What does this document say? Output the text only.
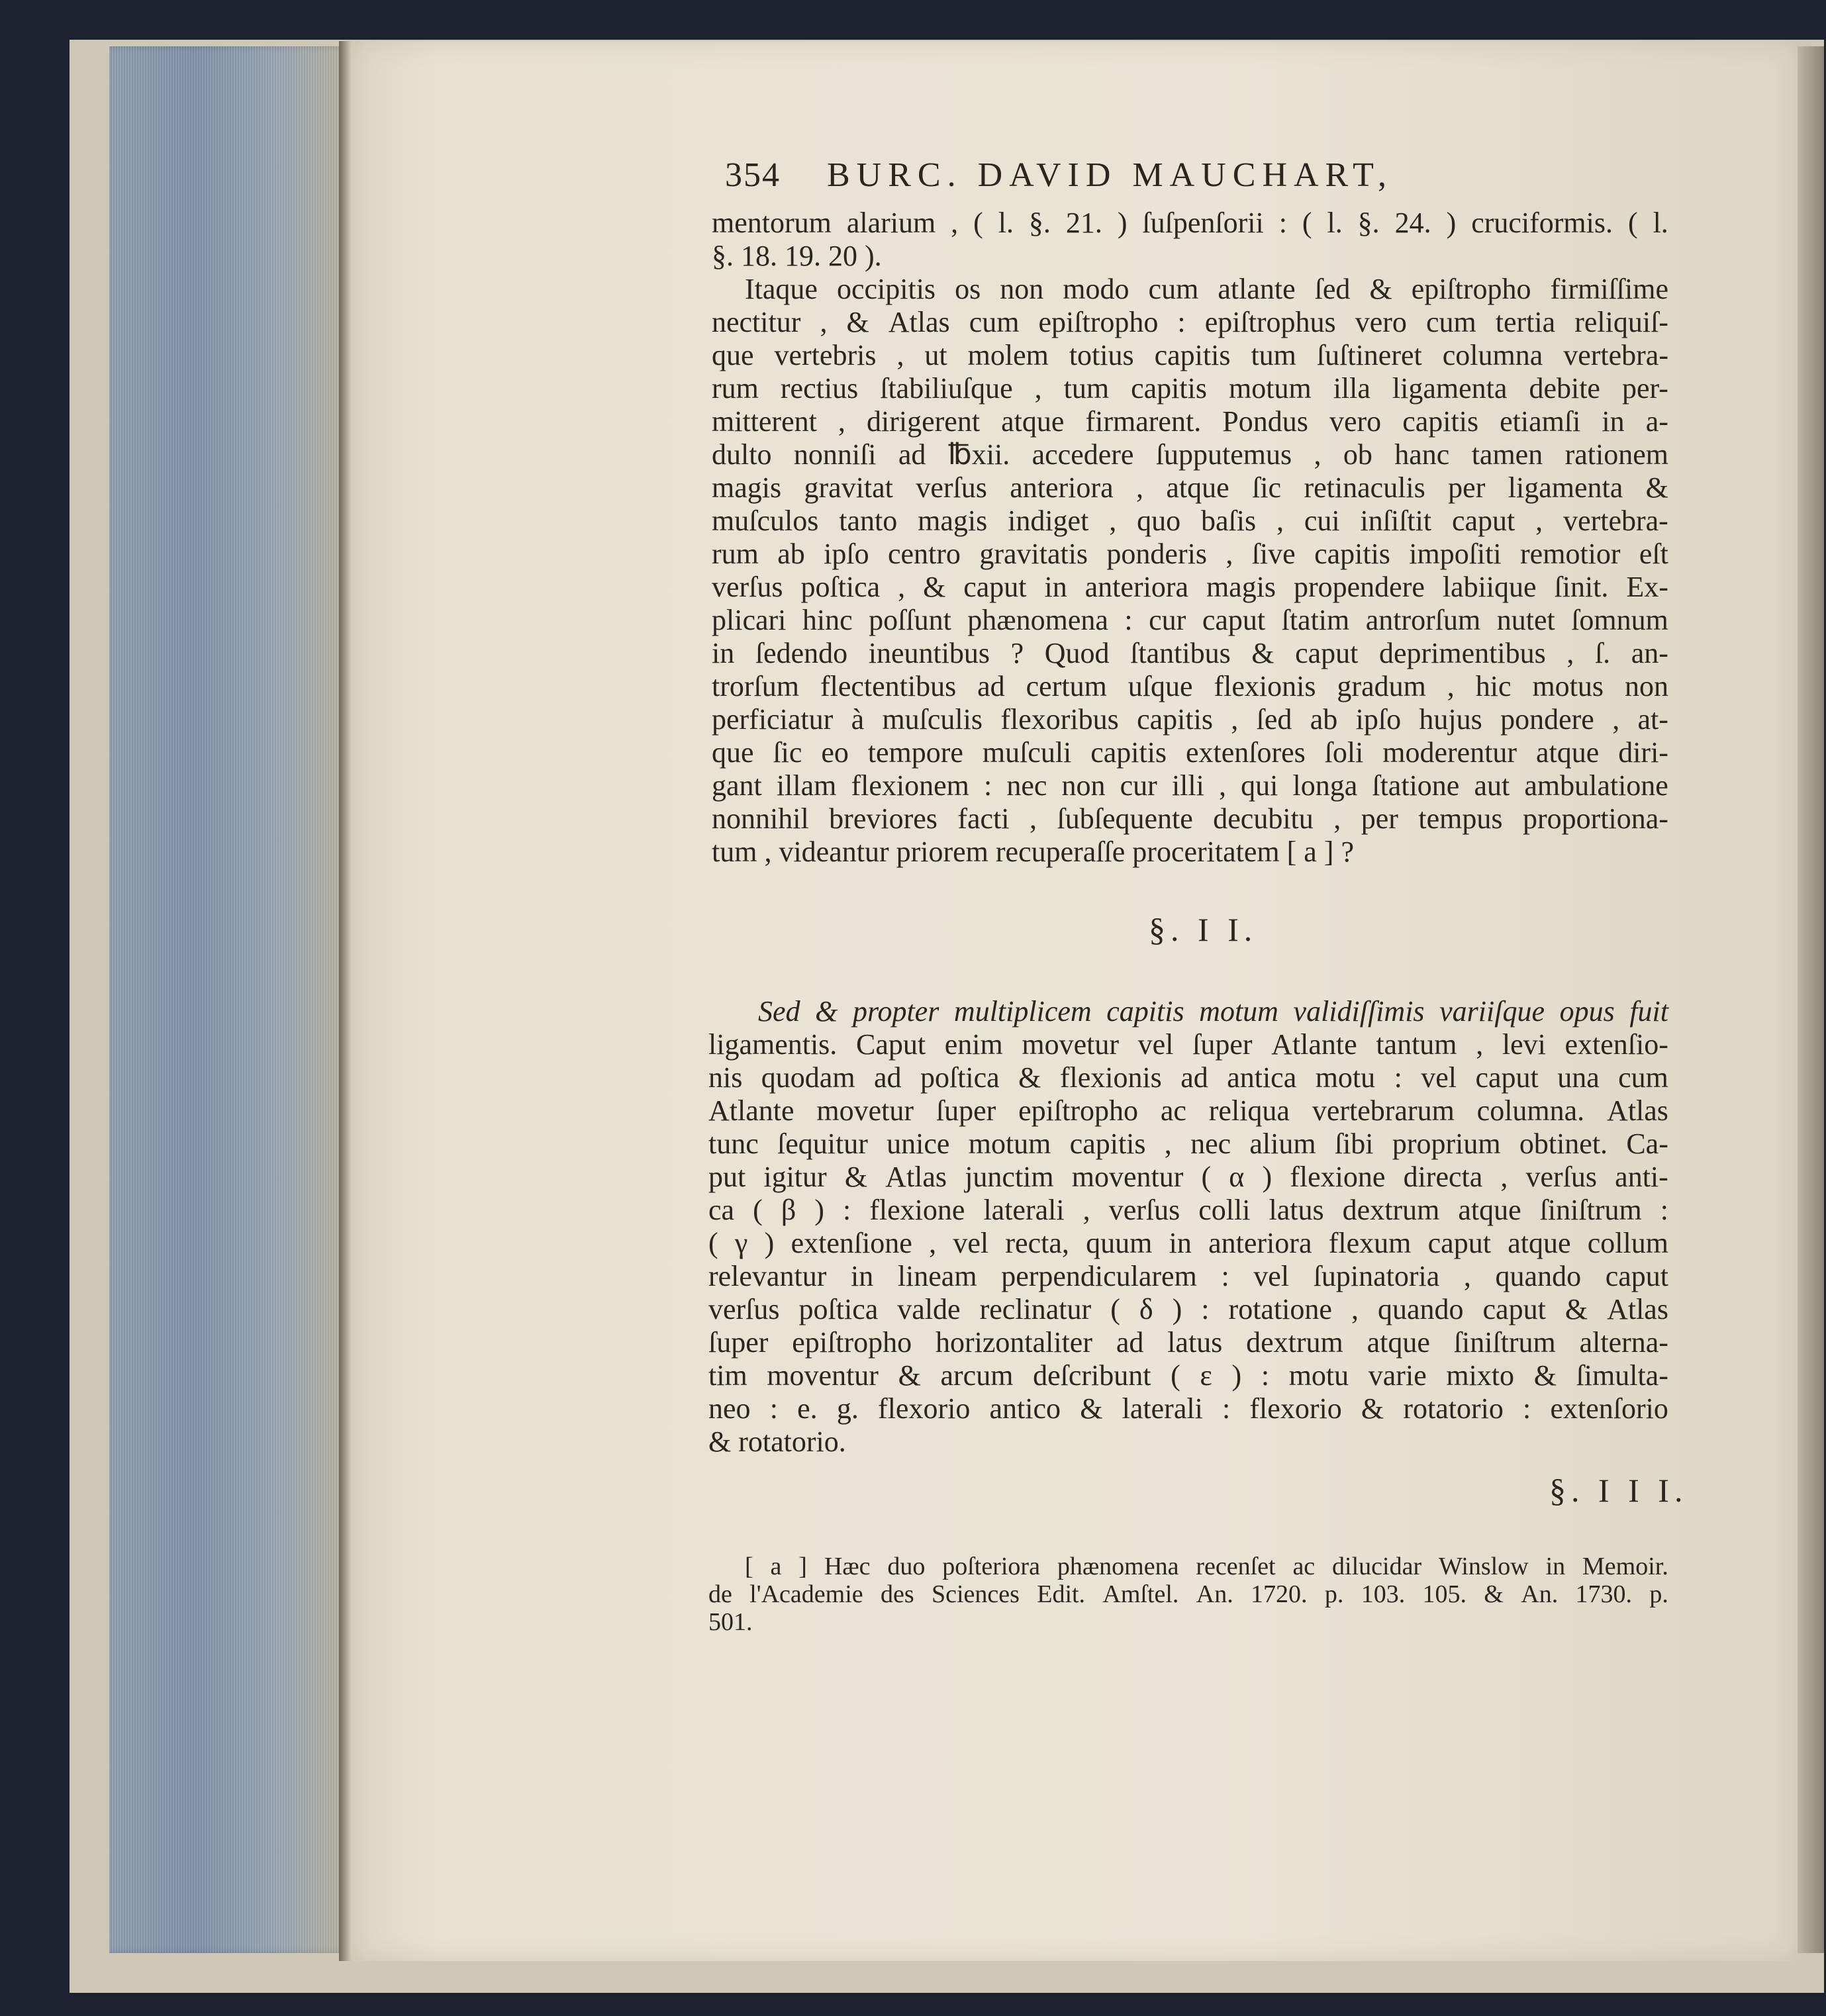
354 BURC. DAVID MAUCHART,
mentorum alarium , ( l. §. 21. ) ſuſpenſorii : ( l. §. 24. ) cruciformis. ( l.
§. 18. 19. 20 ).
Itaque occipitis os non modo cum atlante ſed & epiſtropho firmiſſime
nectitur , & Atlas cum epiſtropho : epiſtrophus vero cum tertia reliquiſ-
que vertebris , ut molem totius capitis tum ſuſtineret columna vertebra-
rum rectius ſtabiliuſque , tum capitis motum illa ligamenta debite per-
mitterent , dirigerent atque firmarent. Pondus vero capitis etiamſi in a-
dulto nonniſi ad ℔xii. accedere ſupputemus , ob hanc tamen rationem
magis gravitat verſus anteriora , atque ſic retinaculis per ligamenta &
muſculos tanto magis indiget , quo baſis , cui inſiſtit caput , vertebra-
rum ab ipſo centro gravitatis ponderis , ſive capitis impoſiti remotior eſt
verſus poſtica , & caput in anteriora magis propendere labiique ſinit. Ex-
plicari hinc poſſunt phænomena : cur caput ſtatim antrorſum nutet ſomnum
in ſedendo ineuntibus ? Quod ſtantibus & caput deprimentibus , ſ. an-
trorſum flectentibus ad certum uſque flexionis gradum , hic motus non
perficiatur à muſculis flexoribus capitis , ſed ab ipſo hujus pondere , at-
que ſic eo tempore muſculi capitis extenſores ſoli moderentur atque diri-
gant illam flexionem : nec non cur illi , qui longa ſtatione aut ambulatione
nonnihil breviores facti , ſubſequente decubitu , per tempus proportiona-
tum , videantur priorem recuperaſſe proceritatem [ a ] ?
§. I I.
Sed & propter multiplicem capitis motum validiſſimis variiſque opus fuit
ligamentis. Caput enim movetur vel ſuper Atlante tantum , levi extenſio-
nis quodam ad poſtica & flexionis ad antica motu : vel caput una cum
Atlante movetur ſuper epiſtropho ac reliqua vertebrarum columna. Atlas
tunc ſequitur unice motum capitis , nec alium ſibi proprium obtinet. Ca-
put igitur & Atlas junctim moventur ( α ) flexione directa , verſus anti-
ca ( β ) : flexione laterali , verſus colli latus dextrum atque ſiniſtrum :
( γ ) extenſione , vel recta, quum in anteriora flexum caput atque collum
relevantur in lineam perpendicularem : vel ſupinatoria , quando caput
verſus poſtica valde reclinatur ( δ ) : rotatione , quando caput & Atlas
ſuper epiſtropho horizontaliter ad latus dextrum atque ſiniſtrum alterna-
tim moventur & arcum deſcribunt ( ε ) : motu varie mixto & ſimulta-
neo : e. g. flexorio antico & laterali : flexorio & rotatorio : extenſorio
& rotatorio.
§. I I I.
[ a ] Hæc duo poſteriora phænomena recenſet ac dilucidar Winslow in Memoir.
de l'Academie des Sciences Edit. Amſtel. An. 1720. p. 103. 105. & An. 1730. p.
501.
